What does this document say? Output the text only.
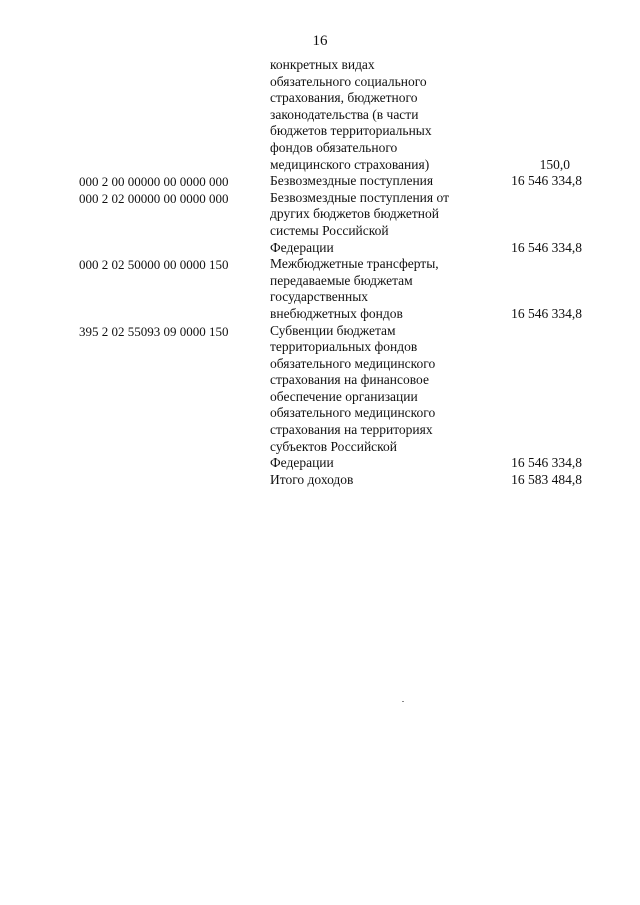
16
конкретных видах
обязательного социального
страхования, бюджетного
законодательства (в части
бюджетов территориальных
фондов обязательного
медицинского страхования)	150,0
000 2 00 00000 00 0000 000	Безвозмездные поступления	16 546 334,8
000 2 02 00000 00 0000 000	Безвозмездные поступления от
других бюджетов бюджетной
системы Российской
Федерации	16 546 334,8
000 2 02 50000 00 0000 150	Межбюджетные трансферты,
передаваемые бюджетам
государственных
внебюджетных фондов	16 546 334,8
395 2 02 55093 09 0000 150	Субвенции бюджетам
территориальных фондов
обязательного медицинского
страхования на финансовое
обеспечение организации
обязательного медицинского
страхования на территориях
субъектов Российской
Федерации	16 546 334,8
Итого доходов	16 583 484,8
